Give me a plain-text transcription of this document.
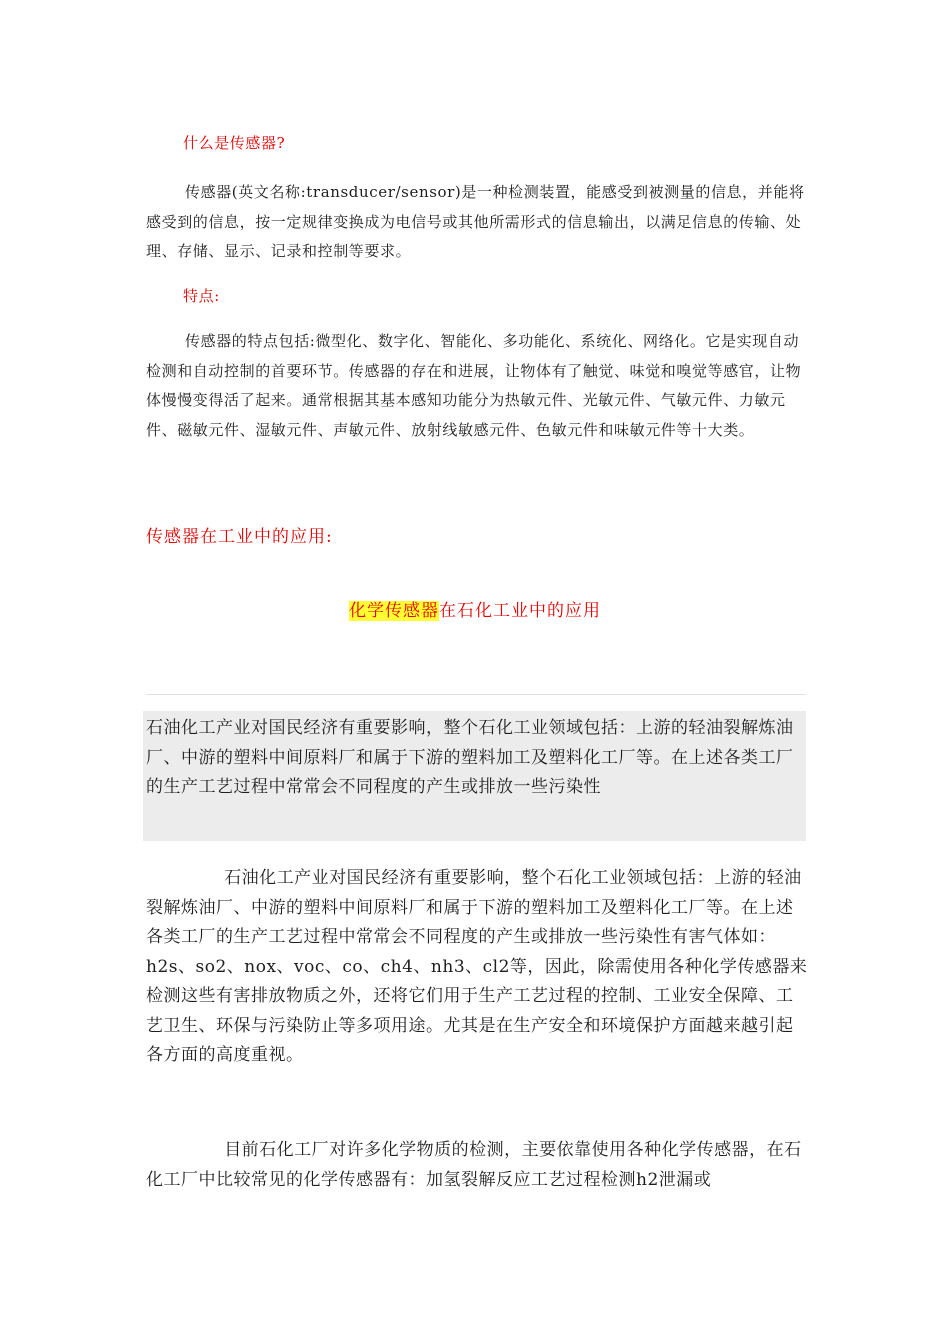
什么是传感器?

传感器(英文名称:transducer/sensor)是一种检测装置，能感受到被测量的信息，并能将感受到的信息，按一定规律变换成为电信号或其他所需形式的信息输出，以满足信息的传输、处理、存储、显示、记录和控制等要求。

特点:

传感器的特点包括:微型化、数字化、智能化、多功能化、系统化、网络化。它是实现自动检测和自动控制的首要环节。传感器的存在和进展，让物体有了触觉、味觉和嗅觉等感官，让物体慢慢变得活了起来。通常根据其基本感知功能分为热敏元件、光敏元件、气敏元件、力敏元件、磁敏元件、湿敏元件、声敏元件、放射线敏感元件、色敏元件和味敏元件等十大类。

传感器在工业中的应用:
化学传感器在石化工业中的应用

石油化工产业对国民经济有重要影响，整个石化工业领域包括：上游的轻油裂解炼油厂、中游的塑料中间原料厂和属于下游的塑料加工及塑料化工厂等。在上述各类工厂的生产工艺过程中常常会不同程度的产生或排放一些污染性

石油化工产业对国民经济有重要影响，整个石化工业领域包括：上游的轻油裂解炼油厂、中游的塑料中间原料厂和属于下游的塑料加工及塑料化工厂等。在上述各类工厂的生产工艺过程中常常会不同程度的产生或排放一些污染性有害气体如：h2s、so2、nox、voc、co、ch4、nh3、cl2等，因此，除需使用各种化学传感器来检测这些有害排放物质之外，还将它们用于生产工艺过程的控制、工业安全保障、工艺卫生、环保与污染防止等多项用途。尤其是在生产安全和环境保护方面越来越引起各方面的高度重视。

目前石化工厂对许多化学物质的检测，主要依靠使用各种化学传感器，在石化工厂中比较常见的化学传感器有：加氢裂解反应工艺过程检测h2泄漏或
